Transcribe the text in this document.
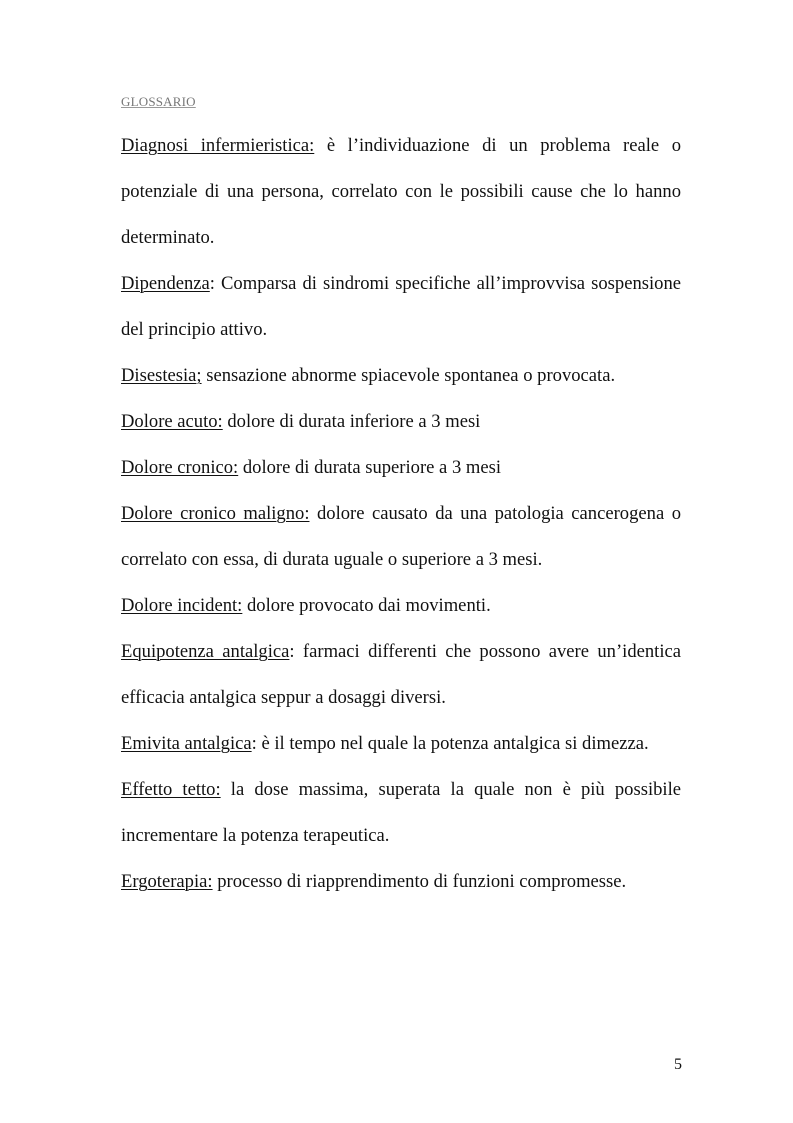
GLOSSARIO

Diagnosi infermieristica: è l’individuazione di un problema reale o potenziale di una persona, correlato con le possibili cause che lo hanno determinato.

Dipendenza: Comparsa di sindromi specifiche all’improvvisa sospensione del principio attivo.

Disestesia; sensazione abnorme spiacevole spontanea o provocata.

Dolore acuto: dolore di durata inferiore a 3 mesi

Dolore cronico: dolore di durata superiore a 3 mesi

Dolore cronico maligno: dolore causato da una patologia cancerogena o correlato con essa, di durata uguale o superiore a 3 mesi.

Dolore incident: dolore provocato dai movimenti.

Equipotenza antalgica: farmaci differenti che possono avere un’identica efficacia antalgica seppur a dosaggi diversi.

Emivita antalgica: è il tempo nel quale la potenza antalgica si dimezza.

Effetto tetto: la dose massima, superata la quale non è più possibile incrementare la potenza terapeutica.

Ergoterapia: processo di riapprendimento di funzioni compromesse.

5
